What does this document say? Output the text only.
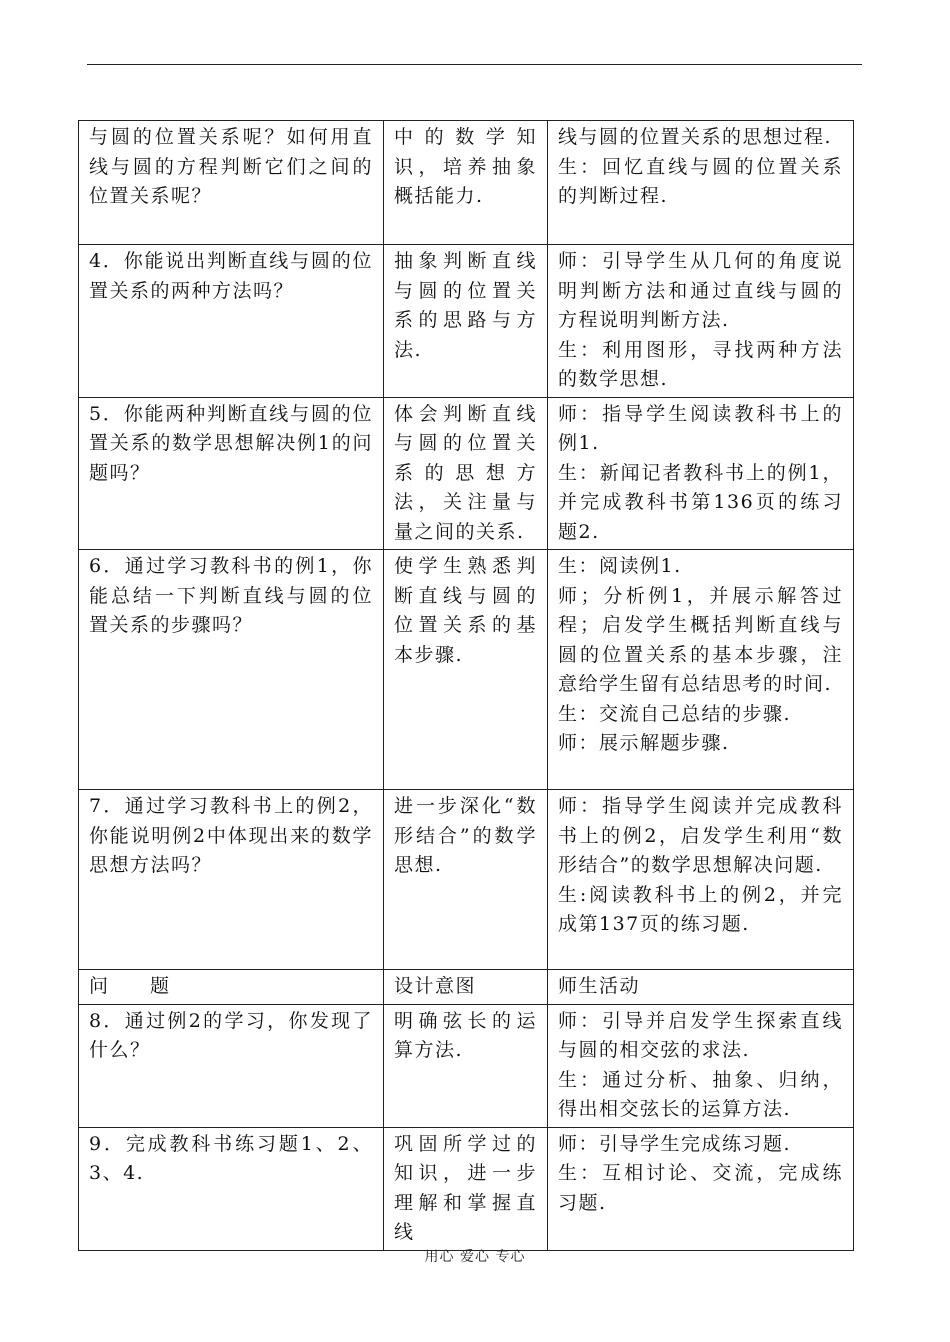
与圆的位置关系呢？如何用直线与圆的方程判断它们之间的位置关系呢？	中的数学知识，培养抽象概括能力.	线与圆的位置关系的思想过程.
生：回忆直线与圆的位置关系的判断过程.

4．你能说出判断直线与圆的位置关系的两种方法吗？	抽象判断直线与圆的位置关系的思路与方法.	师：引导学生从几何的角度说明判断方法和通过直线与圆的方程说明判断方法.
生：利用图形，寻找两种方法的数学思想.

5．你能两种判断直线与圆的位置关系的数学思想解决例1的问题吗？	体会判断直线与圆的位置关系的思想方法，关注量与量之间的关系.	师：指导学生阅读教科书上的例1.
生：新闻记者教科书上的例1，并完成教科书第136页的练习题2.

6．通过学习教科书的例1，你能总结一下判断直线与圆的位置关系的步骤吗？	使学生熟悉判断直线与圆的位置关系的基本步骤.	生：阅读例1.
师；分析例1，并展示解答过程；启发学生概括判断直线与圆的位置关系的基本步骤，注意给学生留有总结思考的时间.
生：交流自己总结的步骤.
师：展示解题步骤.

7．通过学习教科书上的例2，你能说明例2中体现出来的数学思想方法吗？	进一步深化“数形结合”的数学思想.	师：指导学生阅读并完成教科书上的例2，启发学生利用“数形结合”的数学思想解决问题.
生:阅读教科书上的例2，并完成第137页的练习题.

问题	设计意图	师生活动
8．通过例2的学习，你发现了什么？	明确弦长的运算方法.	师：引导并启发学生探索直线与圆的相交弦的求法.
生：通过分析、抽象、归纳，得出相交弦长的运算方法.

9．完成教科书练习题1、2、3、4.	巩固所学过的知识，进一步理解和掌握直线	师：引导学生完成练习题.
生：互相讨论、交流，完成练习题.
用心 爱心 专心
